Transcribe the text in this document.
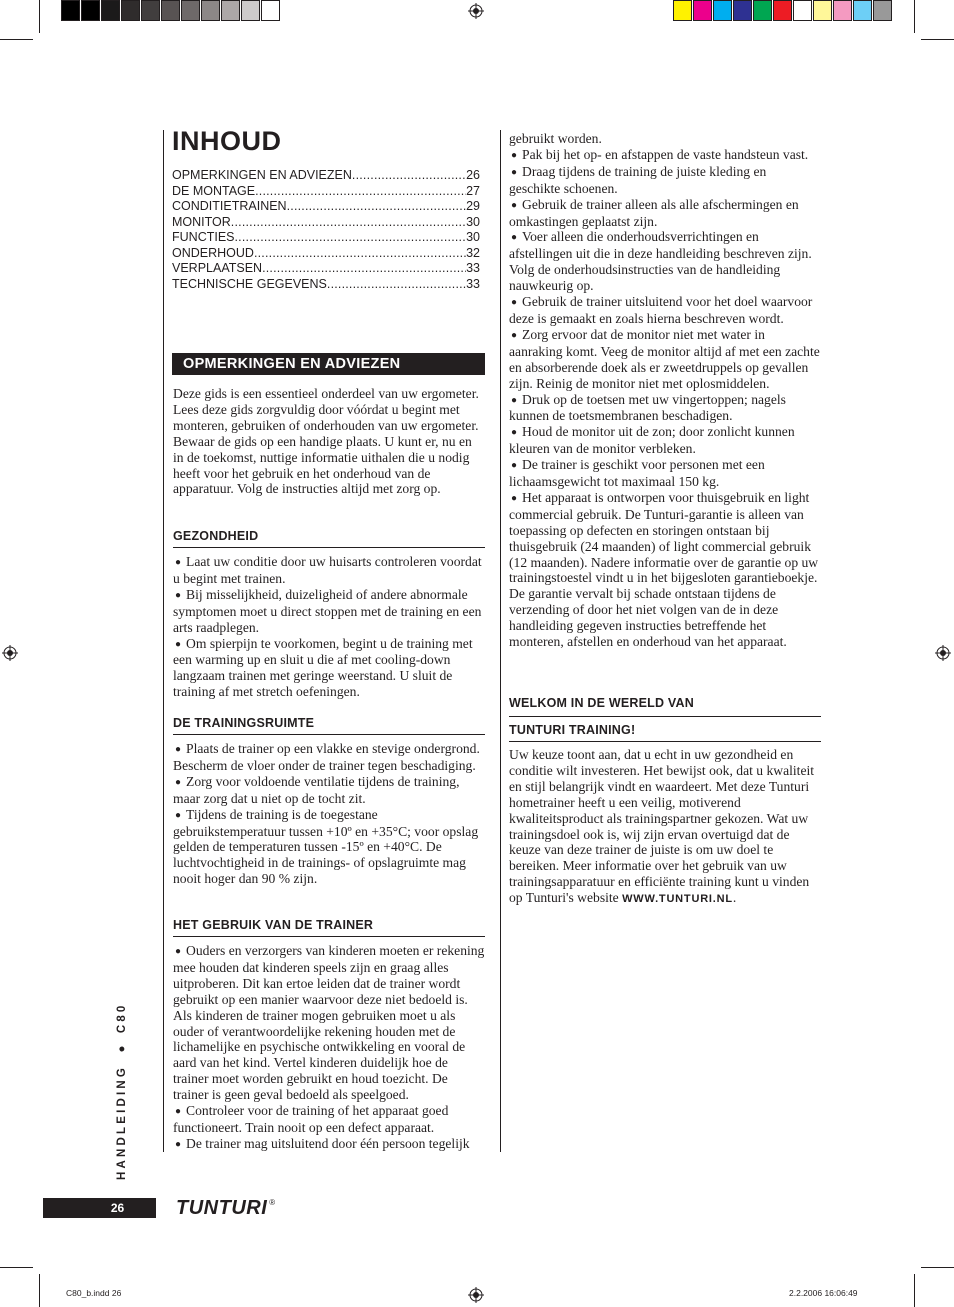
INHOUD
OPMERKINGEN EN ADVIEZEN .....	26
DE MONTAGE .....	27
CONDITIETRAINEN .....	29
MONITOR .....	30
FUNCTIES .....	30
ONDERHOUD .....	32
VERPLAATSEN .....	33
TECHNISCHE GEGEVENS .....	33
OPMERKINGEN EN ADVIEZEN

Deze gids is een essentieel onderdeel van uw ergometer. Lees deze gids zorgvuldig door vóórdat u begint met monteren, gebruiken of onderhouden van uw ergometer. Bewaar de gids op een handige plaats. U kunt er, nu en in de toekomst, nuttige informatie uithalen die u nodig heeft voor het gebruik en het onderhoud van de apparatuur. Volg de instructies altijd met zorg op.

GEZONDHEID

● Laat uw conditie door uw huisarts controleren voordat u begint met trainen.

● Bij misselijkheid, duizeligheid of andere abnormale symptomen moet u direct stoppen met de training en een arts raadplegen.

● Om spierpijn te voorkomen, begint u de training met een warming up en sluit u die af met cooling-down langzaam trainen met geringe weerstand. U sluit de training af met stretch oefeningen.

DE TRAININGSRUIMTE

● Plaats de trainer op een vlakke en stevige ondergrond. Bescherm de vloer onder de trainer tegen beschadiging.

● Zorg voor voldoende ventilatie tijdens de training, maar zorg dat u niet op de tocht zit.

● Tijdens de training is de toegestane gebruikstemperatuur tussen +10º en +35°C; voor opslag gelden de temperaturen tussen -15º en +40°C. De luchtvochtigheid in de trainings- of opslagruimte mag nooit hoger dan 90 % zijn.

HET GEBRUIK VAN DE TRAINER

● Ouders en verzorgers van kinderen moeten er rekening mee houden dat kinderen speels zijn en graag alles uitproberen. Dit kan ertoe leiden dat de trainer wordt gebruikt op een manier waarvoor deze niet bedoeld is. Als kinderen de trainer mogen gebruiken moet u als ouder of verantwoordelijke rekening houden met de lichamelijke en psychische ontwikkeling en vooral de aard van het kind. Vertel kinderen duidelijk hoe de trainer moet worden gebruikt en houd toezicht. De trainer is geen geval bedoeld als speelgoed.

● Controleer voor de training of het apparaat goed functioneert. Train nooit op een defect apparaat.

● De trainer mag uitsluitend door één persoon tegelijk

gebruikt worden.

● Pak bij het op- en afstappen de vaste handsteun vast.

● Draag tijdens de training de juiste kleding en geschikte schoenen.

● Gebruik de trainer alleen als alle afschermingen en omkastingen geplaatst zijn.

● Voer alleen die onderhoudsverrichtingen en afstellingen uit die in deze handleiding beschreven zijn. Volg de onderhoudsinstructies van de handleiding nauwkeurig op.

● Gebruik de trainer uitsluitend voor het doel waarvoor deze is gemaakt en zoals hierna beschreven wordt.

● Zorg ervoor dat de monitor niet met water in aanraking komt. Veeg de monitor altijd af met een zachte en absorberende doek als er zweetdruppels op gevallen zijn. Reinig de monitor niet met oplosmiddelen.

● Druk op de toetsen met uw vingertoppen; nagels kunnen de toetsmembranen beschadigen.

● Houd de monitor uit de zon; door zonlicht kunnen kleuren van de monitor verbleken.

● De trainer is geschikt voor personen met een lichaamsgewicht tot maximaal 150 kg.

● Het apparaat is ontworpen voor thuisgebruik en light commercial gebruik. De Tunturi-garantie is alleen van toepassing op defecten en storingen ontstaan bij thuisgebruik (24 maanden) of light commercial gebruik (12 maanden). Nadere informatie over de garantie op uw trainingstoestel vindt u in het bijgesloten garantieboekje. De garantie vervalt bij schade ontstaan tijdens de verzending of door het niet volgen van de in deze handleiding gegeven instructies betreffende het monteren, afstellen en onderhoud van het apparaat.

WELKOM IN DE WERELD VAN
TUNTURI TRAINING!

Uw keuze toont aan, dat u echt in uw gezondheid en conditie wilt investeren. Het bewijst ook, dat u kwaliteit en stijl belangrijk vindt en waardeert. Met deze Tunturi hometrainer heeft u een veilig, motiverend kwaliteitsproduct als trainingspartner gekozen. Wat uw trainingsdoel ook is, wij zijn ervan overtuigd dat de keuze van deze trainer de juiste is om uw doel te bereiken. Meer informatie over het gebruik van uw trainingsapparatuur en efficiënte training kunt u vinden op Tunturi's website WWW.TUNTURI.NL.

HANDLEIDING ● C80
26	TUNTURI ®
C80_b.indd 26	2.2.2006 16:06:49
